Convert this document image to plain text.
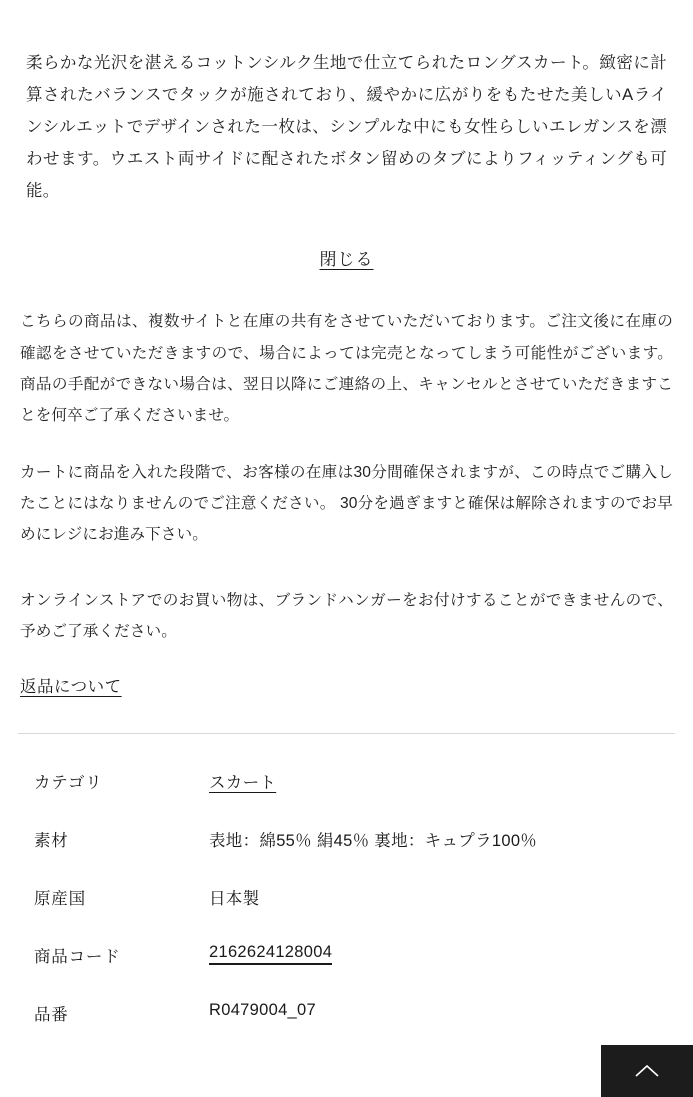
柔らかな光沢を湛えるコットンシルク生地で仕立てられたロングスカート。緻密に計算されたバランスでタックが施されており、緩やかに広がりをもたせた美しいAラインシルエットでデザインされた一枚は、シンプルな中にも女性らしいエレガンスを漂わせます。ウエスト両サイドに配されたボタン留めのタブによりフィッティングも可能。

閉じる

こちらの商品は、複数サイトと在庫の共有をさせていただいております。ご注文後に在庫の確認をさせていただきますので、場合によっては完売となってしまう可能性がございます。 商品の手配ができない場合は、翌日以降にご連絡の上、キャンセルとさせていただきますことを何卒ご了承くださいませ。

カートに商品を入れた段階で、お客様の在庫は30分間確保されますが、この時点でご購入したことにはなりませんのでご注意ください。 30分を過ぎますと確保は解除されますのでお早めにレジにお進み下さい。

オンラインストアでのお買い物は、ブランドハンガーをお付けすることができませんので、予めご了承ください。

返品について
カテゴリ	スカート
素材	表地：綿55％ 絹45％ 裏地：キュプラ100％
原産国	日本製
商品コード	2162624128004
品番	R0479004_07
